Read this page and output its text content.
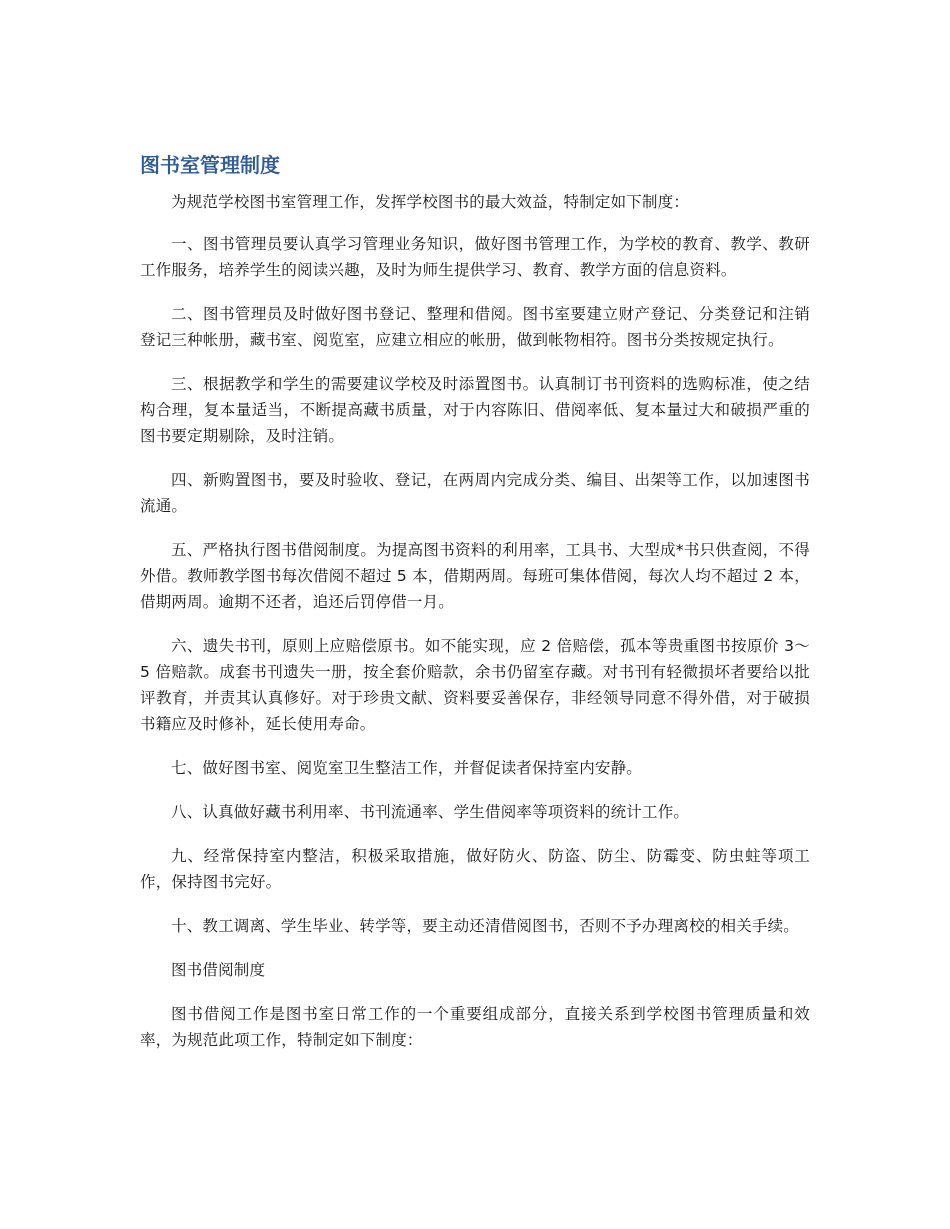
图书室管理制度

为规范学校图书室管理工作，发挥学校图书的最大效益，特制定如下制度：

一、图书管理员要认真学习管理业务知识，做好图书管理工作，为学校的教育、教学、教研工作服务，培养学生的阅读兴趣，及时为师生提供学习、教育、教学方面的信息资料。

二、图书管理员及时做好图书登记、整理和借阅。图书室要建立财产登记、分类登记和注销登记三种帐册，藏书室、阅览室，应建立相应的帐册，做到帐物相符。图书分类按规定执行。

三、根据教学和学生的需要建议学校及时添置图书。认真制订书刊资料的选购标准，使之结构合理，复本量适当，不断提高藏书质量，对于内容陈旧、借阅率低、复本量过大和破损严重的图书要定期剔除，及时注销。

四、新购置图书，要及时验收、登记，在两周内完成分类、编目、出架等工作，以加速图书流通。

五、严格执行图书借阅制度。为提高图书资料的利用率，工具书、大型成*书只供查阅，不得外借。教师教学图书每次借阅不超过 5 本，借期两周。每班可集体借阅，每次人均不超过 2 本，借期两周。逾期不还者，追还后罚停借一月。

六、遗失书刊，原则上应赔偿原书。如不能实现，应 2 倍赔偿，孤本等贵重图书按原价 3～5 倍赔款。成套书刊遗失一册，按全套价赔款，余书仍留室存藏。对书刊有轻微损坏者要给以批评教育，并责其认真修好。对于珍贵文献、资料要妥善保存，非经领导同意不得外借，对于破损书籍应及时修补，延长使用寿命。

七、做好图书室、阅览室卫生整洁工作，并督促读者保持室内安静。

八、认真做好藏书利用率、书刊流通率、学生借阅率等项资料的统计工作。

九、经常保持室内整洁，积极采取措施，做好防火、防盗、防尘、防霉变、防虫蛀等项工作，保持图书完好。

十、教工调离、学生毕业、转学等，要主动还清借阅图书，否则不予办理离校的相关手续。

图书借阅制度

图书借阅工作是图书室日常工作的一个重要组成部分，直接关系到学校图书管理质量和效率，为规范此项工作，特制定如下制度：
